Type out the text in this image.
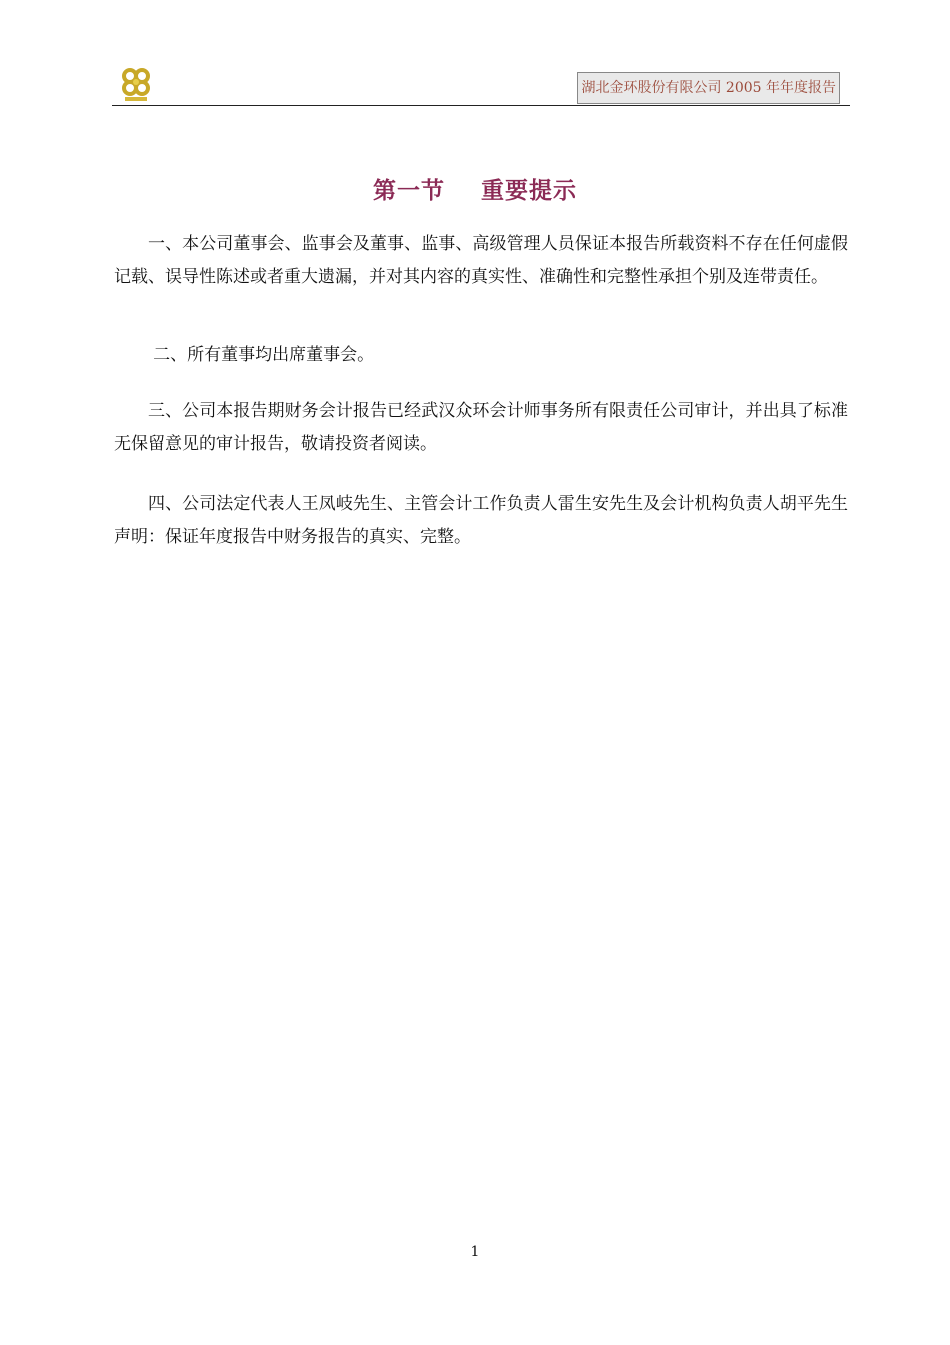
湖北金环股份有限公司 2005 年年度报告
第一节    重要提示

一、本公司董事会、监事会及董事、监事、高级管理人员保证本报告所载资料不存在任何虚假记载、误导性陈述或者重大遗漏，并对其内容的真实性、准确性和完整性承担个别及连带责任。

二、所有董事均出席董事会。

三、公司本报告期财务会计报告已经武汉众环会计师事务所有限责任公司审计，并出具了标准无保留意见的审计报告，敬请投资者阅读。

四、公司法定代表人王凤岐先生、主管会计工作负责人雷生安先生及会计机构负责人胡平先生声明：保证年度报告中财务报告的真实、完整。

1
